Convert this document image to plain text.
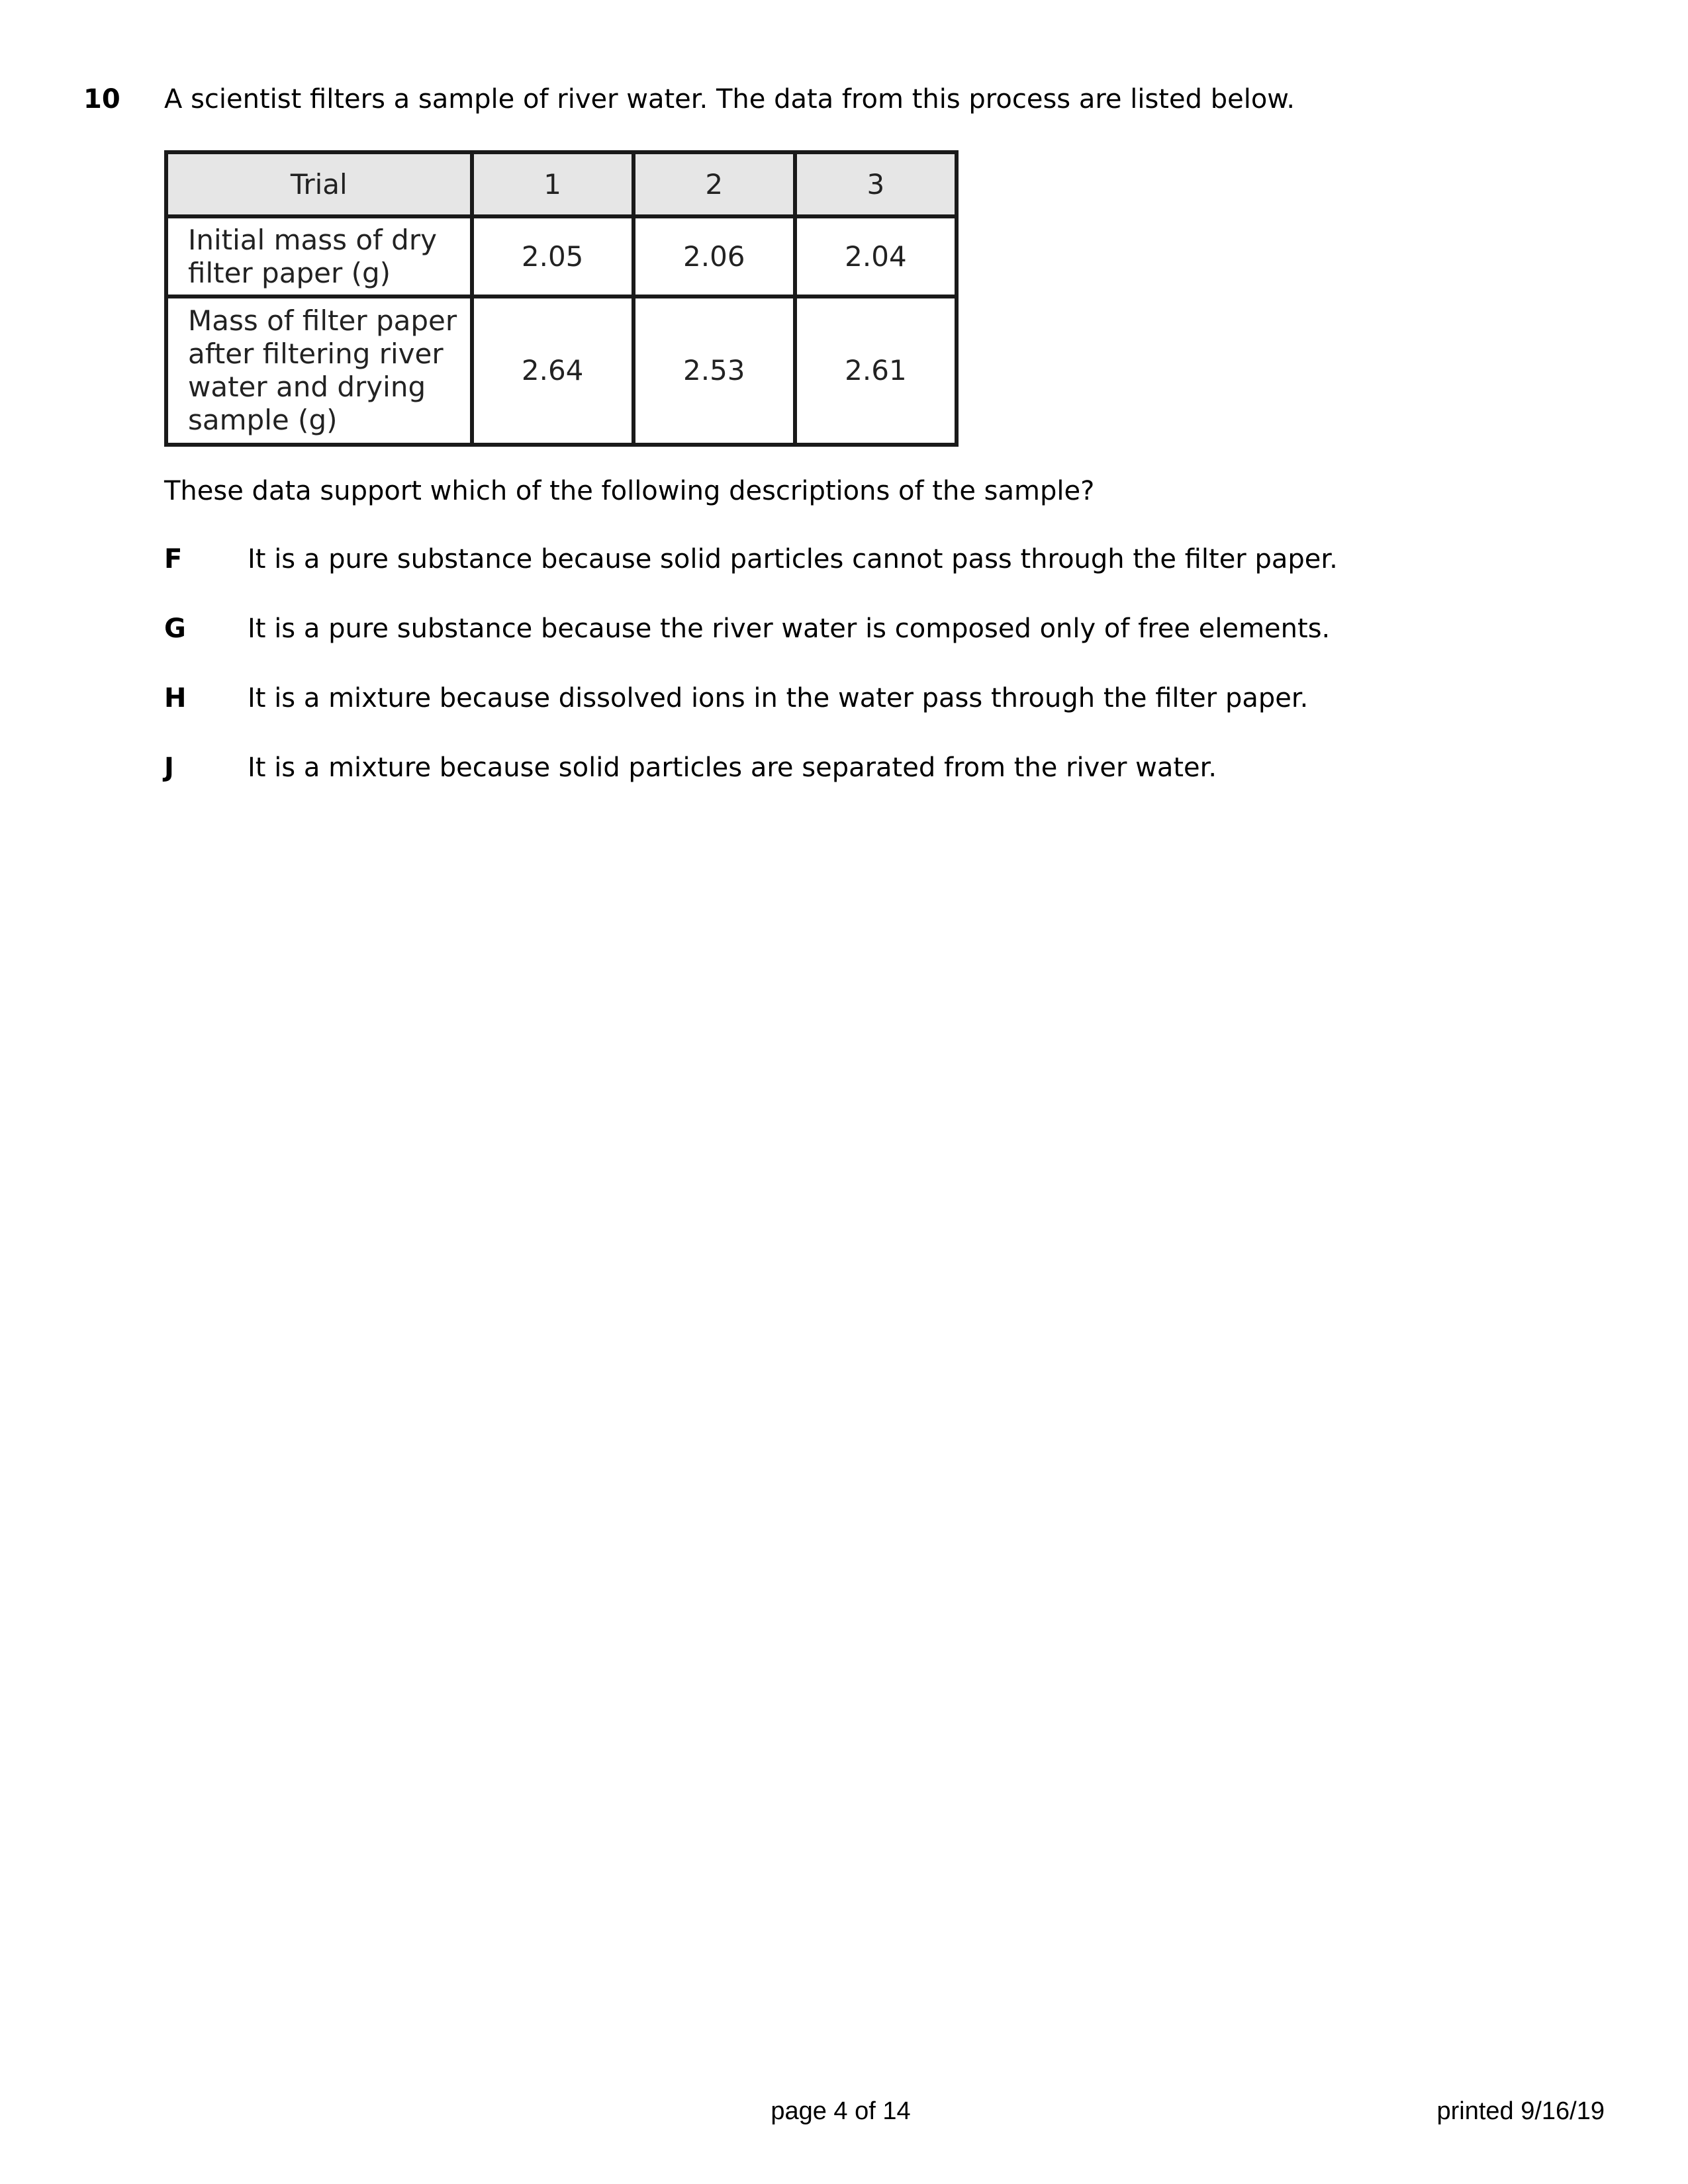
10 A scientist filters a sample of river water. The data from this process are listed below.
Trial	1	2	3
Initial mass of dry
filter paper (g)	2.05	2.06	2.04
Mass of filter paper
after filtering river
water and drying
sample (g)	2.64	2.53	2.61
These data support which of the following descriptions of the sample?
F It is a pure substance because solid particles cannot pass through the filter paper.
G It is a pure substance because the river water is composed only of free elements.
H It is a mixture because dissolved ions in the water pass through the filter paper.
J	It is a mixture because solid particles are separated from the river water.
page 4 of 14	printed 9/16/19
